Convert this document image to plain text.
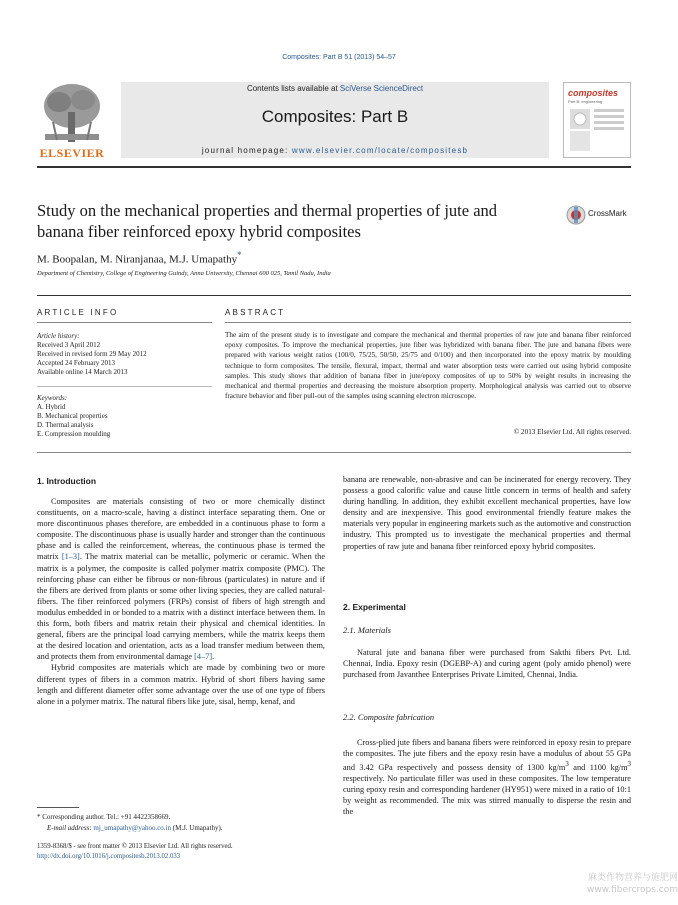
Composites: Part B 51 (2013) 54–57
ELSEVIER
Contents lists available at SciVerse ScienceDirect
Composites: Part B
journal homepage: www.elsevier.com/locate/compositesb
composites
Part B: engineering
Study on the mechanical properties and thermal properties of jute and banana fiber reinforced epoxy hybrid composites
CrossMark
M. Boopalan, M. Niranjanaa, M.J. Umapathy*
Department of Chemistry, College of Engineering Guindy, Anna University, Chennai 600 025, Tamil Nadu, India
ARTICLE INFO	ABSTRACT
Article history:
Received 3 April 2012
Received in revised form 29 May 2012
Accepted 24 February 2013
Available online 14 March 2013
Keywords:
A. Hybrid
B. Mechanical properties
D. Thermal analysis
E. Compression moulding
The aim of the present study is to investigate and compare the mechanical and thermal properties of raw jute and banana fiber reinforced epoxy composites. To improve the mechanical properties, jute fiber was hybridized with banana fiber. The jute and banana fibers were prepared with various weight ratios (100/0, 75/25, 50/50, 25/75 and 0/100) and then incorporated into the epoxy matrix by moulding technique to form composites. The tensile, flexural, impact, thermal and water absorption tests were carried out using hybrid composite samples. This study shows that addition of banana fiber in jute/epoxy composites of up to 50% by weight results in increasing the mechanical and thermal properties and decreasing the moisture absorption property. Morphological analysis was carried out to observe fracture behavior and fiber pull-out of the samples using scanning electron microscope.
© 2013 Elsevier Ltd. All rights reserved.
1. Introduction

Composites are materials consisting of two or more chemically distinct constituents, on a macro-scale, having a distinct interface separating them. One or more discontinuous phases therefore, are embedded in a continuous phase to form a composite. The discontinuous phase is usually harder and stronger than the continuous phase and is called the reinforcement, whereas, the continuous phase is termed the matrix [1–3]. The matrix material can be metallic, polymeric or ceramic. When the matrix is a polymer, the composite is called polymer matrix composite (PMC). The reinforcing phase can either be fibrous or non-fibrous (particulates) in nature and if the fibers are derived from plants or some other living species, they are called natural-fibers. The fiber reinforced polymers (FRPs) consist of fibers of high strength and modulus embedded in or bonded to a matrix with a distinct interface between them. In this form, both fibers and matrix retain their physical and chemical identities. In general, fibers are the principal load carrying members, while the matrix keeps them at the desired location and orientation, acts as a load transfer medium between them, and protects them from environmental damage [4–7].

Hybrid composites are materials which are made by combining two or more different types of fibers in a common matrix. Hybrid of short fibers having same length and different diameter offer some advantage over the use of one type of fibers alone in a polymer matrix. The natural fibers like jute, sisal, hemp, kenaf, and

banana are renewable, non-abrasive and can be incinerated for energy recovery. They possess a good calorific value and cause little concern in terms of health and safety during handling. In addition, they exhibit excellent mechanical properties, have low density and are inexpensive. This good environmental friendly feature makes the materials very popular in engineering markets such as the automotive and construction industry. This prompted us to investigate the mechanical properties and thermal properties of raw jute and banana fiber reinforced epoxy hybrid composites.
2. Experimental
2.1. Materials
Natural jute and banana fiber were purchased from Sakthi fibers Pvt. Ltd. Chennai, India. Epoxy resin (DGEBP-A) and curing agent (poly amido phenol) were purchased from Javanthee Enterprises Private Limited, Chennai, India.
2.2. Composite fabrication

Cross-plied jute fibers and banana fibers were reinforced in epoxy resin to prepare the composites. The jute fibers and the epoxy resin have a modulus of about 55 GPa and 3.42 GPa respectively and possess density of 1300 $kg/m^3$ and 1100 $kg/m^3$ respectively. No particulate filler was used in these composites. The low temperature curing epoxy resin and corresponding hardener (HY951) were mixed in a ratio of 10:1 by weight as recommended. The mix was stirred manually to disperse the resin and the

* Corresponding author. Tel.: +91 4422358669.
E-mail address: mj_umapathy@yahoo.co.in (M.J. Umapathy).
1359-8368/$ - see front matter © 2013 Elsevier Ltd. All rights reserved.
http://dx.doi.org/10.1016/j.compositesb.2013.02.033
麻类作物营养与施肥网
www.fibercrops.com
